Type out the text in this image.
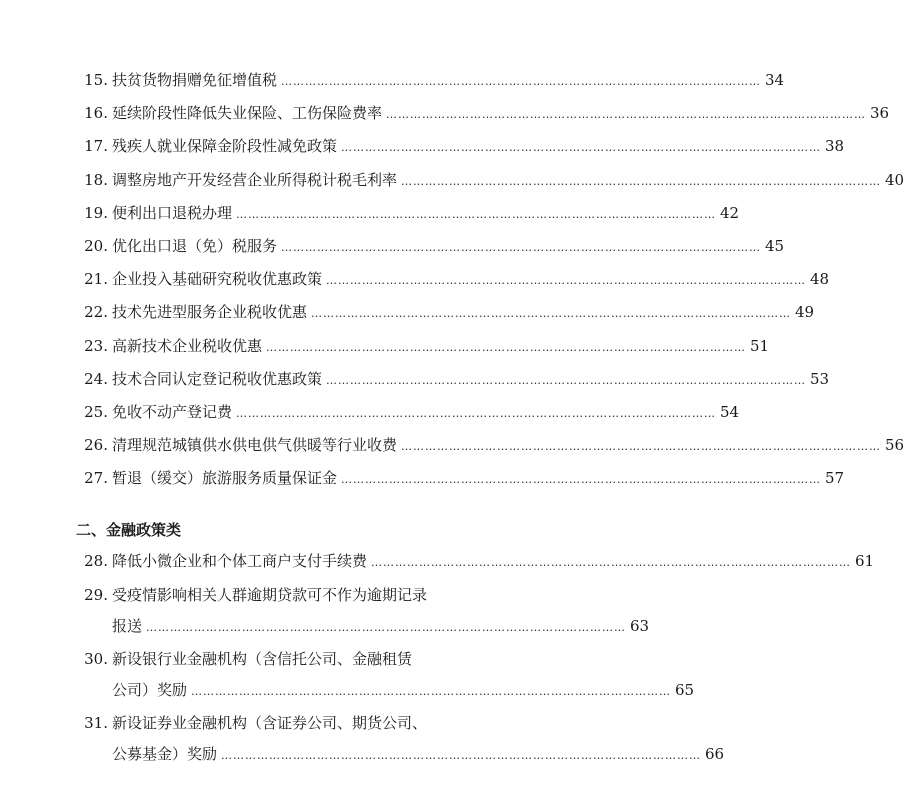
15. 扶贫货物捐赠免征增值税 …………………………………………………………………………………………………………	34
16. 延续阶段性降低失业保险、工伤保险费率 …………………………………………………………………………………………………………	36
17. 残疾人就业保障金阶段性减免政策 …………………………………………………………………………………………………………	38
18. 调整房地产开发经营企业所得税计税毛利率 …………………………………………………………………………………………………………	40
19. 便利出口退税办理 …………………………………………………………………………………………………………	42
20. 优化出口退（免）税服务 …………………………………………………………………………………………………………	45
21. 企业投入基础研究税收优惠政策 …………………………………………………………………………………………………………	48
22. 技术先进型服务企业税收优惠 …………………………………………………………………………………………………………	49
23. 高新技术企业税收优惠 …………………………………………………………………………………………………………	51
24. 技术合同认定登记税收优惠政策 …………………………………………………………………………………………………………	53
25. 免收不动产登记费 …………………………………………………………………………………………………………	54
26. 清理规范城镇供水供电供气供暖等行业收费 …………………………………………………………………………………………………………	56
27. 暂退（缓交）旅游服务质量保证金 …………………………………………………………………………………………………………	57
二、金融政策类
28. 降低小微企业和个体工商户支付手续费 …………………………………………………………………………………………………………	61
29. 受疫情影响相关人群逾期贷款可不作为逾期记录
报送 …………………………………………………………………………………………………………	63
30. 新设银行业金融机构（含信托公司、金融租赁
公司）奖励 …………………………………………………………………………………………………………	65
31. 新设证券业金融机构（含证券公司、期货公司、
公募基金）奖励 …………………………………………………………………………………………………………	66
